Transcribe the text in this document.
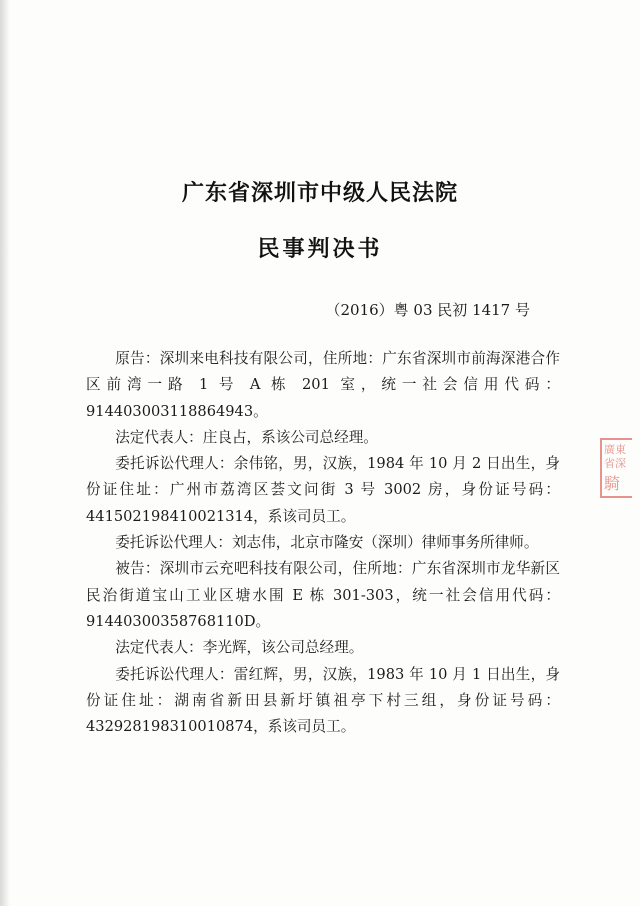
广东省深圳市中级人民法院
民事判决书
（2016）粤 03 民初 1417 号

原告：深圳来电科技有限公司，住所地：广东省深圳市前海深港合作区前湾一路 1 号 A 栋 201 室，统一社会信用代码：91440300311886494​3。

法定代表人：庄良占，系该公司总经理。

委托诉讼代理人：余伟铭，男，汉族，1984 年 10 月 2 日出生，身份证住址：广州市荔湾区荟文问街 3 号 3002 房，身份证号码：441502198410021314，系该司员工。

委托诉讼代理人：刘志伟，北京市隆安（深圳）律师事务所律师。

被告：深圳市云充吧科技有限公司，住所地：广东省深圳市龙华新区民治街道宝山工业区塘水围 E 栋 301-303，统一社会信用代码：91440300358768110D。

法定代表人：李光辉，该公司总经理。

委托诉讼代理人：雷红辉，男，汉族，1983 年 10 月 1 日出生，身份证住址：湖南省新田县新圩镇祖亭下村三组，身份证号码：432928198310010874，系该司员工。

廣東省深
騎
